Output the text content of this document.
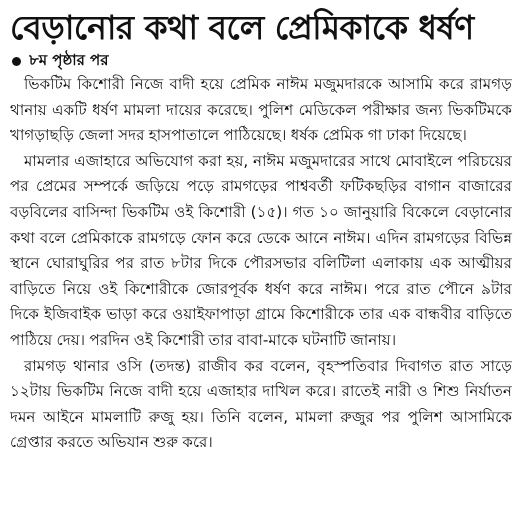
বেড়ানোর কথা বলে প্রেমিকাকে ধর্ষণ
৮ম পৃষ্ঠার পর

ভিকটিম কিশোরী নিজে বাদী হয়ে প্রেমিক নাঈম মজুমদারকে আসামি করে রামগড় থানায় একটি ধর্ষণ মামলা দায়ের করেছে। পুলিশ মেডিকেল পরীক্ষার জন্য ভিকটিমকে খাগড়াছড়ি জেলা সদর হাসপাতালে পাঠিয়েছে। ধর্ষক প্রেমিক গা ঢাকা দিয়েছে।

মামলার এজাহারে অভিযোগ করা হয়, নাঈম মজুমদারের সাথে মোবাইলে পরিচয়ের পর প্রেমের সম্পর্কে জড়িয়ে পড়ে রামগড়ের পাশ্ববর্তী ফটিকছড়ির বাগান বাজারের বড়বিলের বাসিন্দা ভিকটিম ওই কিশোরী (১৫)। গত ১০ জানুয়ারি বিকেলে বেড়ানোর কথা বলে প্রেমিকাকে রামগড়ে ফোন করে ডেকে আনে নাঈম। এদিন রামগড়ের বিভিন্ন স্থানে ঘোরাঘুরির পর রাত ৮টার দিকে পৌরসভার বলিটিলা এলাকায় এক আত্মীয়র বাড়িতে নিয়ে ওই কিশোরীকে জোরপূর্বক ধর্ষণ করে নাঈম। পরে রাত পৌনে ৯টার দিকে ইজিবাইক ভাড়া করে ওয়াইফাপাড়া গ্রামে কিশোরীকে তার এক বান্ধবীর বাড়িতে পাঠিয়ে দেয়। পরদিন ওই কিশোরী তার বাবা-মাকে ঘটনাটি জানায়।

রামগড় থানার ওসি (তদন্ত) রাজীব কর বলেন, বৃহস্পতিবার দিবাগত রাত সাড়ে ১২টায় ভিকটিম নিজে বাদী হয়ে এজাহার দাখিল করে। রাতেই নারী ও শিশু নির্যাতন দমন আইনে মামলাটি রুজু হয়। তিনি বলেন, মামলা রুজুর পর পুলিশ আসামিকে গ্রেপ্তার করতে অভিযান শুরু করে।
